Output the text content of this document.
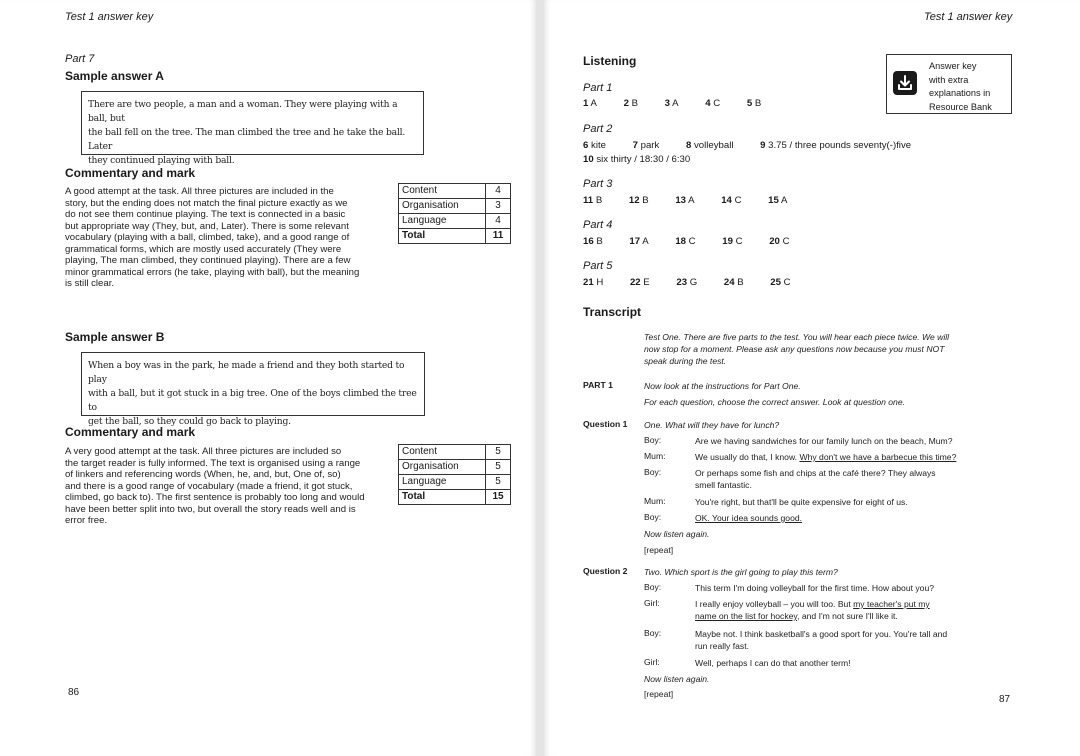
Test 1 answer key
Part 7
Sample answer A
There are two people, a man and a woman. They were playing with a ball, but
the ball fell on the tree. The man climbed the tree and he take the ball. Later
they continued playing with ball.
Commentary and mark
A good attempt at the task. All three pictures are included in the
story, but the ending does not match the final picture exactly as we
do not see them continue playing. The text is connected in a basic
but appropriate way (They, but, and, Later). There is some relevant
vocabulary (playing with a ball, climbed, take), and a good range of
grammatical forms, which are mostly used accurately (They were
playing, The man climbed, they continued playing). There are a few
minor grammatical errors (he take, playing with ball), but the meaning
is still clear.
Content	4
Organisation	3
Language	4
Total	11
Sample answer B
When a boy was in the park, he made a friend and they both started to play
with a ball, but it got stuck in a big tree. One of the boys climbed the tree to
get the ball, so they could go back to playing.
Commentary and mark
A very good attempt at the task. All three pictures are included so
the target reader is fully informed. The text is organised using a range
of linkers and referencing words (When, he, and, but, One of, so)
and there is a good range of vocabulary (made a friend, it got stuck,
climbed, go back to). The first sentence is probably too long and would
have been better split into two, but overall the story reads well and is
error free.
Content	5
Organisation	5
Language	5
Total	15
86
Test 1 answer key
Listening	Answer key
with extra
explanations in
Resource Bank
Part 1
1 A	2 B	3 A	4 C	5 B
Part 2
6 kite	7 park	8 volleyball	9 3.75 / three pounds seventy(-)five
10 six thirty / 18:30 / 6:30
Part 3
11 B	12 B	13 A	14 C	15 A
Part 4
16 B	17 A	18 C	19 C	20 C
Part 5
21 H	22 E	23 G	24 B	25 C
Transcript
Test One. There are five parts to the test. You will hear each piece twice. We will
now stop for a moment. Please ask any questions now because you must NOT
speak during the test.
PART 1	Now look at the instructions for Part One.
For each question, choose the correct answer. Look at question one.
Question 1 One. What will they have for lunch?
Boy:	Are we having sandwiches for our family lunch on the beach, Mum?
Mum:	We usually do that, I know. Why don't we have a barbecue this time?
Boy:	Or perhaps some fish and chips at the café there? They always
smell fantastic.
Mum:	You're right, but that'll be quite expensive for eight of us.
Boy:	OK. Your idea sounds good.
Now listen again.
[repeat]
Question 2 Two. Which sport is the girl going to play this term?
Boy:	This term I'm doing volleyball for the first time. How about you?
Girl:	I really enjoy volleyball – you will too. But my teacher's put my
name on the list for hockey, and I'm not sure I'll like it.
Boy:	Maybe not. I think basketball's a good sport for you. You're tall and
run really fast.
Girl:	Well, perhaps I can do that another term!
Now listen again.
[repeat]	87
